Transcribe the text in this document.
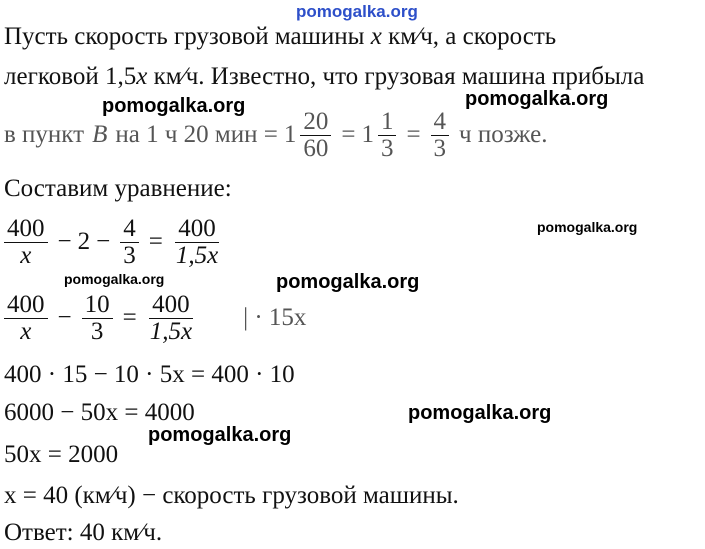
pomogalka.org
Пусть скорость грузовой машины x км⁄ч, а скорость
легковой 1,5x км⁄ч. Известно, что грузовая машина прибыла
pomogalka.org	pomogalka.org
в пункт B на 1 ч 20 мин = $1 \frac{20}{60} = 1 \frac{1}{3} = \frac{4}{3}$ ч позже.
Составим уравнение:
pomogalka.org
$\frac{400}{x} - 2 - \frac{4}{3} = \frac{400}{1,5x}$
pomogalka.org	pomogalka.org
$\frac{400}{x} - \frac{10}{3} = \frac{400}{1,5x}$ | · 15x
400 · 15 − 10 · 5x = 400 · 10
pomogalka.org
6000 − 50x = 4000
pomogalka.org
50x = 2000
x = 40 (км⁄ч) − скорость грузовой машины.
Ответ: 40 км⁄ч.
